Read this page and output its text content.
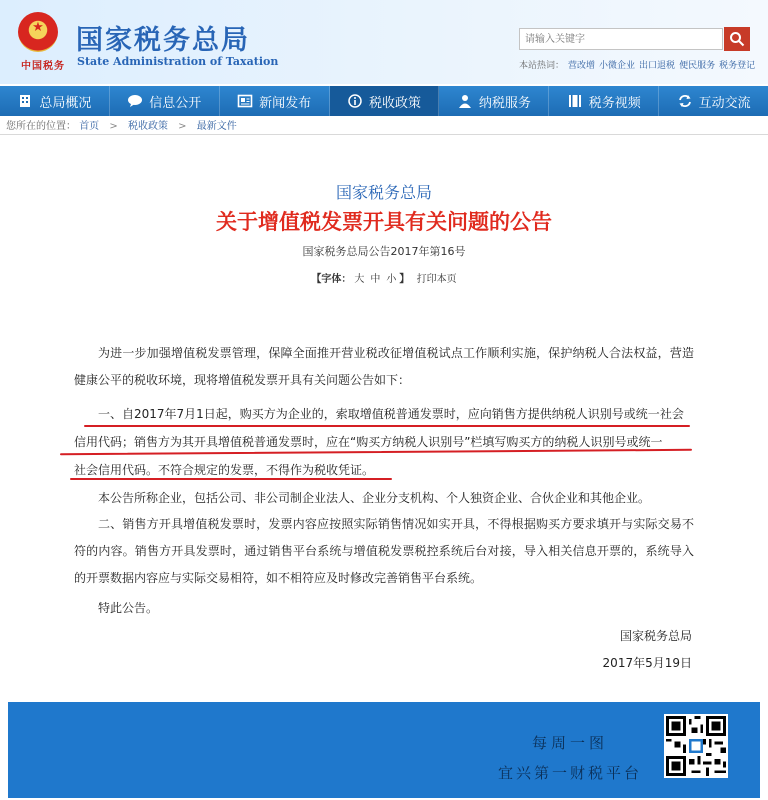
★
中国税务
国家税务总局
State Administration of Taxation
请输入关键字	本站热词： 营改增 小微企业 出口退税 便民服务 税务登记
总局概况	信息公开	新闻发布	税收政策	纳税服务	税务视频	互动交流
您所在的位置： 首页 > 税收政策 > 最新文件
国家税务总局
关于增值税发票开具有关问题的公告
国家税务总局公告2017年第16号
【字体： 大 中 小 】 打印本页
为进一步加强增值税发票管理，保障全面推开营业税改征增值税试点工作顺利实施，保护纳税人合法权益，营造健康公平的税收环境，现将增值税发票开具有关问题公告如下：
一、自2017年7月1日起，购买方为企业的，索取增值税普通发票时，应向销售方提供纳税人识别号或统一社会
信用代码；销售方为其开具增值税普通发票时，应在“购买方纳税人识别号”栏填写购买方的纳税人识别号或统一
社会信用代码。不符合规定的发票，不得作为税收凭证。
本公告所称企业，包括公司、非公司制企业法人、企业分支机构、个人独资企业、合伙企业和其他企业。
二、销售方开具增值税发票时，发票内容应按照实际销售情况如实开具，不得根据购买方要求填开与实际交易不符的内容。销售方开具发票时，通过销售平台系统与增值税发票税控系统后台对接，导入相关信息开票的，系统导入的开票数据内容应与实际交易相符，如不相符应及时修改完善销售平台系统。
特此公告。
国家税务总局
2017年5月19日
每周一图
宜兴第一财税平台
